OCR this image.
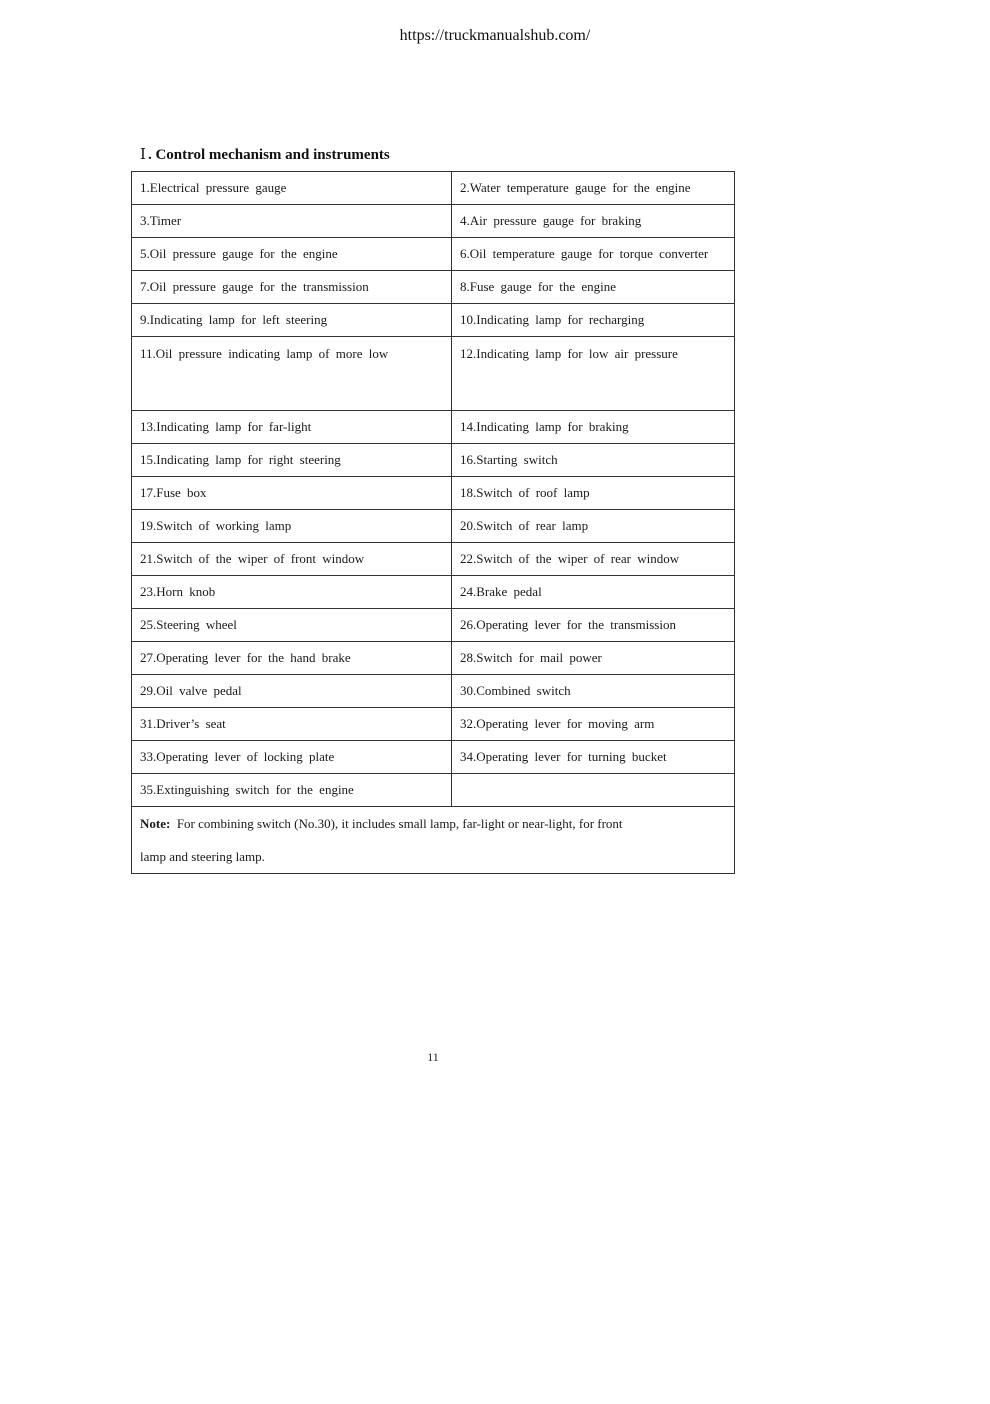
https://truckmanualshub.com/
Ⅰ . Control mechanism and instruments
1.Electrical pressure gauge	2.Water temperature gauge for the engine
3.Timer	4.Air pressure gauge for braking
5.Oil pressure gauge for the engine	6.Oil temperature gauge for torque converter
7.Oil pressure gauge for the transmission	8.Fuse gauge for the engine
9.Indicating lamp for left steering	10.Indicating lamp for recharging
11.Oil pressure indicating lamp of more low	12.Indicating lamp for low air pressure
13.Indicating lamp for far-light	14.Indicating lamp for braking
15.Indicating lamp for right steering	16.Starting switch
17.Fuse box	18.Switch of roof lamp
19.Switch of working lamp	20.Switch of rear lamp
21.Switch of the wiper of front window	22.Switch of the wiper of rear window
23.Horn knob	24.Brake pedal
25.Steering wheel	26.Operating lever for the transmission
27.Operating lever for the hand brake	28.Switch for mail power
29.Oil valve pedal	30.Combined switch
31.Driver’s seat	32.Operating lever for moving arm
33.Operating lever of locking plate	34.Operating lever for turning bucket
35.Extinguishing switch for the engine	

Note: For combining switch (No.30), it includes small lamp, far-light or near-light, for front
lamp and steering lamp.	
11
